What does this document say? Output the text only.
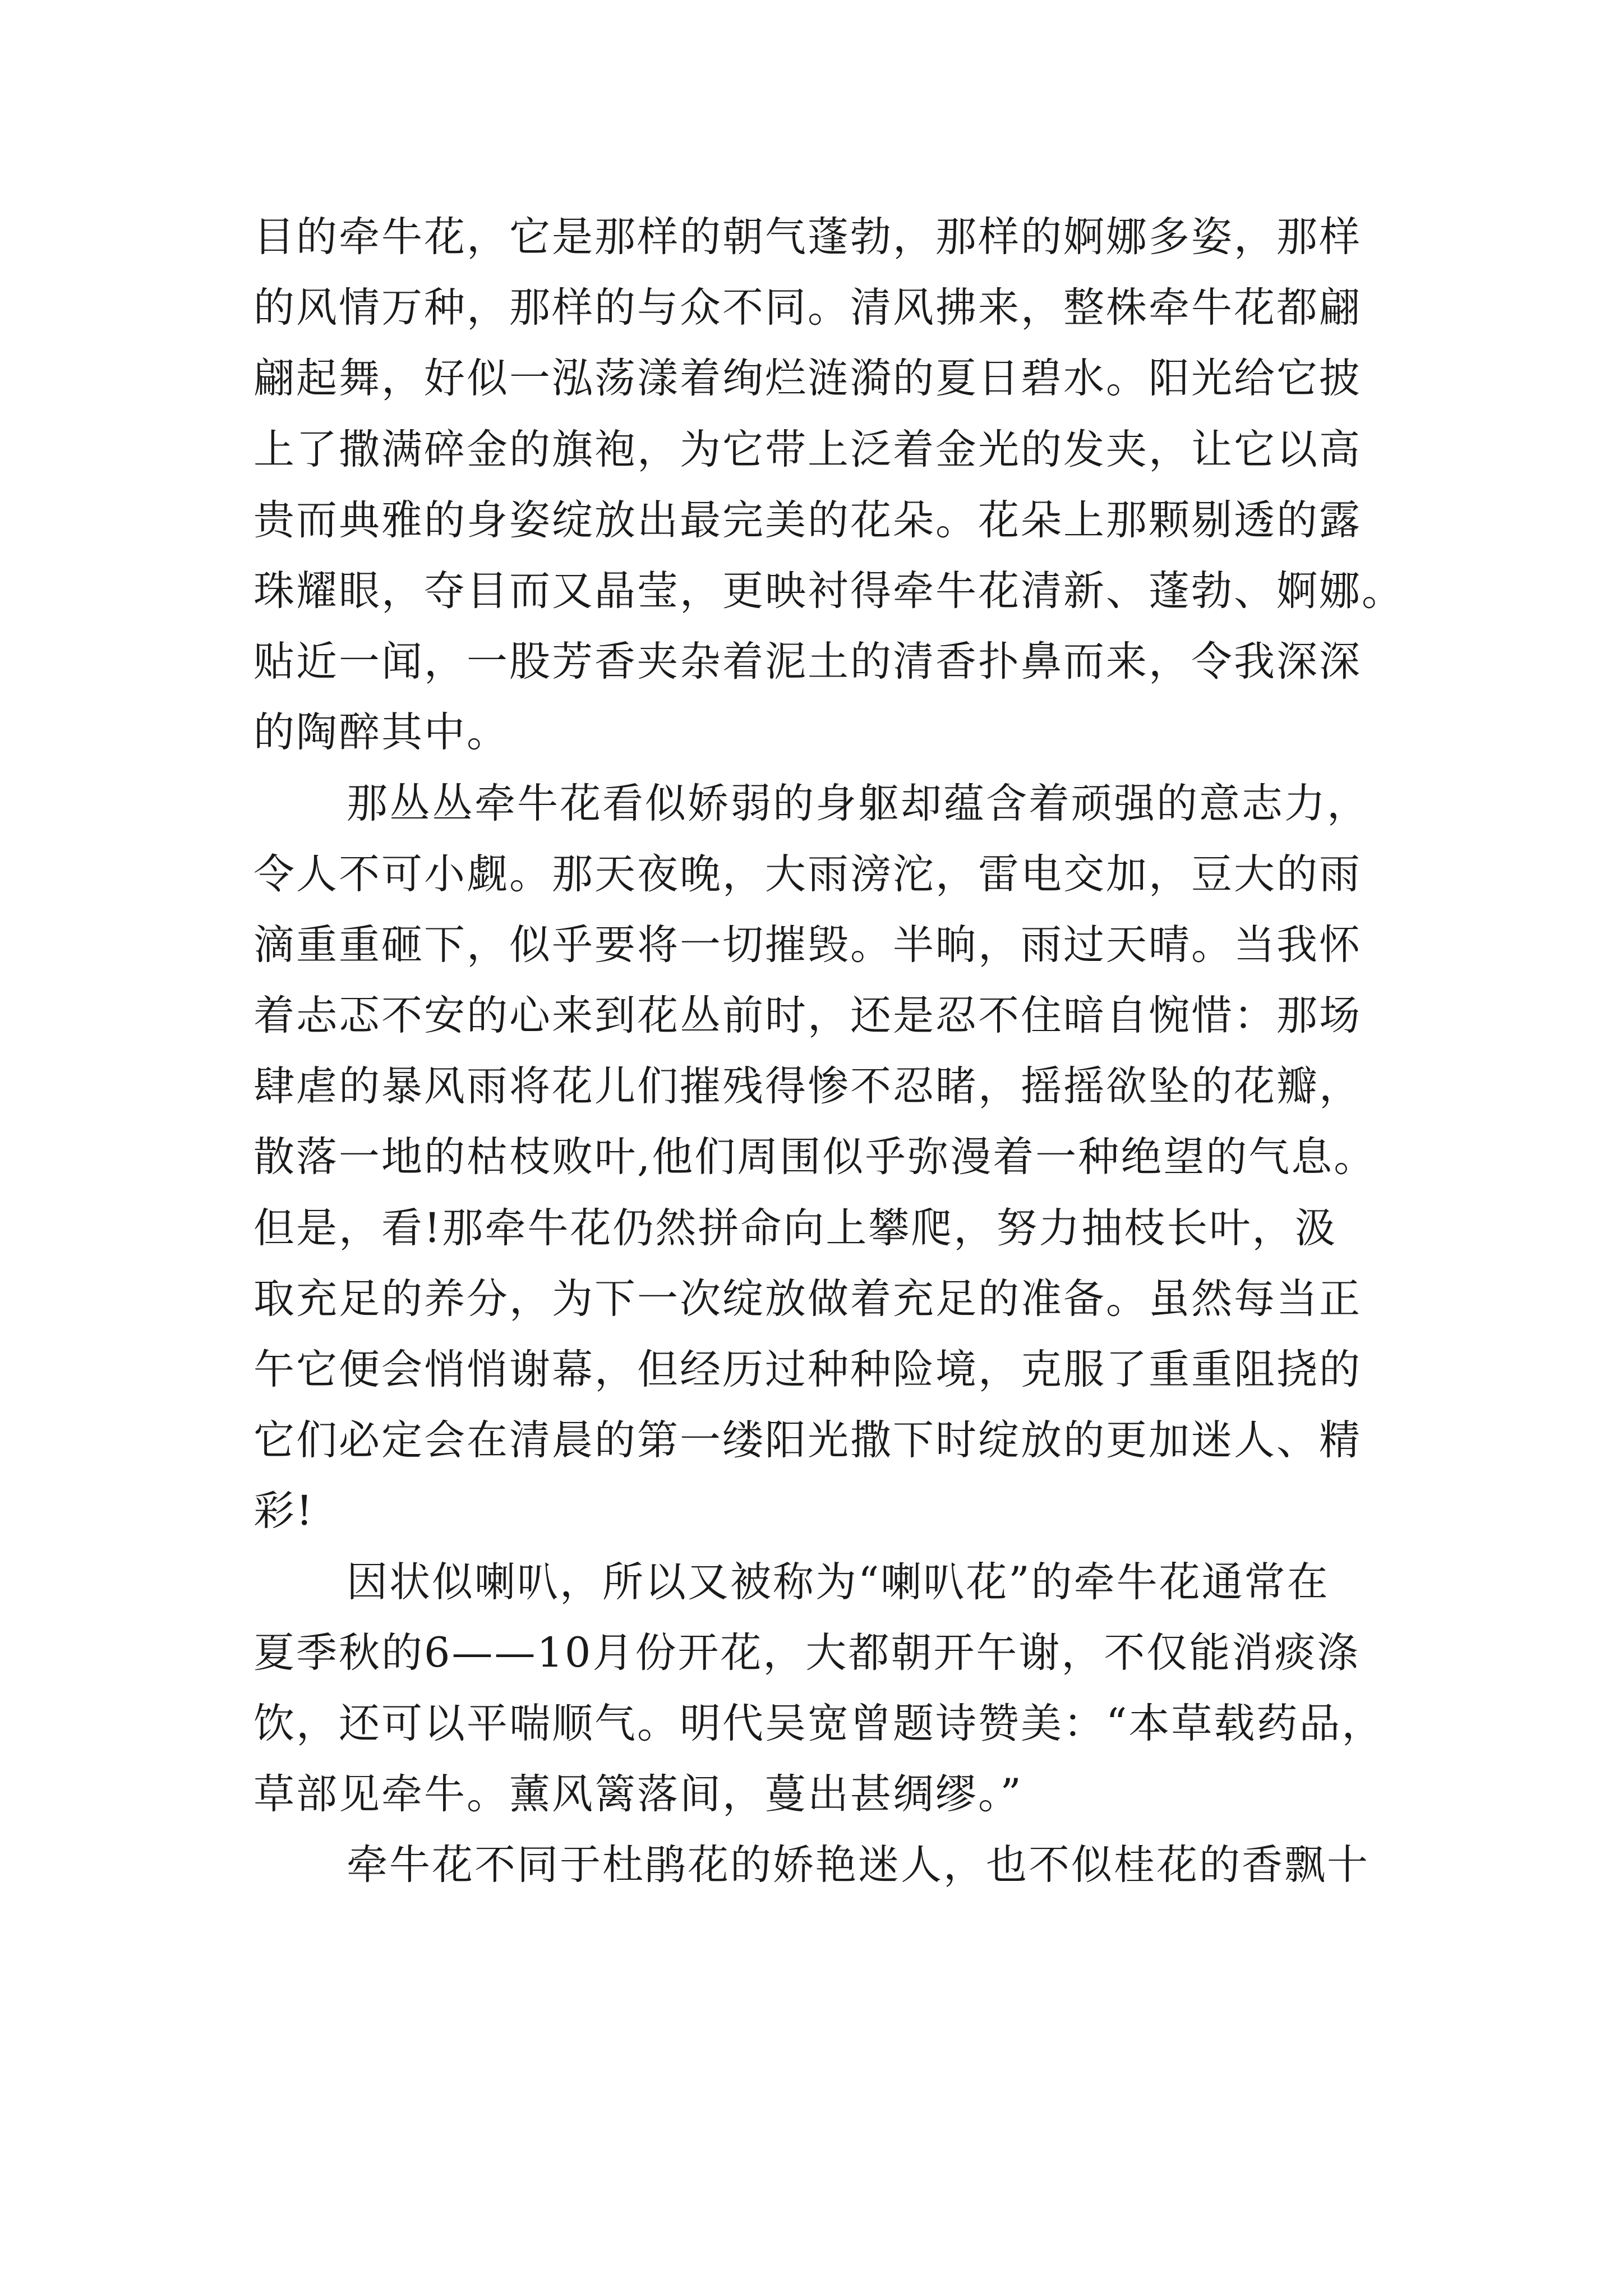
目的牵牛花，它是那样的朝气蓬勃，那样的婀娜多姿，那样
的风情万种，那样的与众不同。清风拂来，整株牵牛花都翩
翩起舞，好似一泓荡漾着绚烂涟漪的夏日碧水。阳光给它披
上了撒满碎金的旗袍，为它带上泛着金光的发夹，让它以高
贵而典雅的身姿绽放出最完美的花朵。花朵上那颗剔透的露
珠耀眼，夺目而又晶莹，更映衬得牵牛花清新、蓬勃、婀娜。
贴近一闻，一股芳香夹杂着泥土的清香扑鼻而来，令我深深
的陶醉其中。
那丛丛牵牛花看似娇弱的身躯却蕴含着顽强的意志力，
令人不可小觑。那天夜晚，大雨滂沱，雷电交加，豆大的雨
滴重重砸下，似乎要将一切摧毁。半晌，雨过天晴。当我怀
着忐忑不安的心来到花丛前时，还是忍不住暗自惋惜：那场
肆虐的暴风雨将花儿们摧残得惨不忍睹，摇摇欲坠的花瓣，
散落一地的枯枝败叶,他们周围似乎弥漫着一种绝望的气息。
但是，看!那牵牛花仍然拼命向上攀爬，努力抽枝长叶，汲
取充足的养分，为下一次绽放做着充足的准备。虽然每当正
午它便会悄悄谢幕，但经历过种种险境，克服了重重阻挠的
它们必定会在清晨的第一缕阳光撒下时绽放的更加迷人、精
彩!
因状似喇叭，所以又被称为“喇叭花”的牵牛花通常在
夏季秋的6——10月份开花，大都朝开午谢，不仅能消痰涤
饮，还可以平喘顺气。明代吴宽曾题诗赞美：“本草载药品，
草部见牵牛。薰风篱落间，蔓出甚绸缪。”
牵牛花不同于杜鹃花的娇艳迷人，也不似桂花的香飘十
